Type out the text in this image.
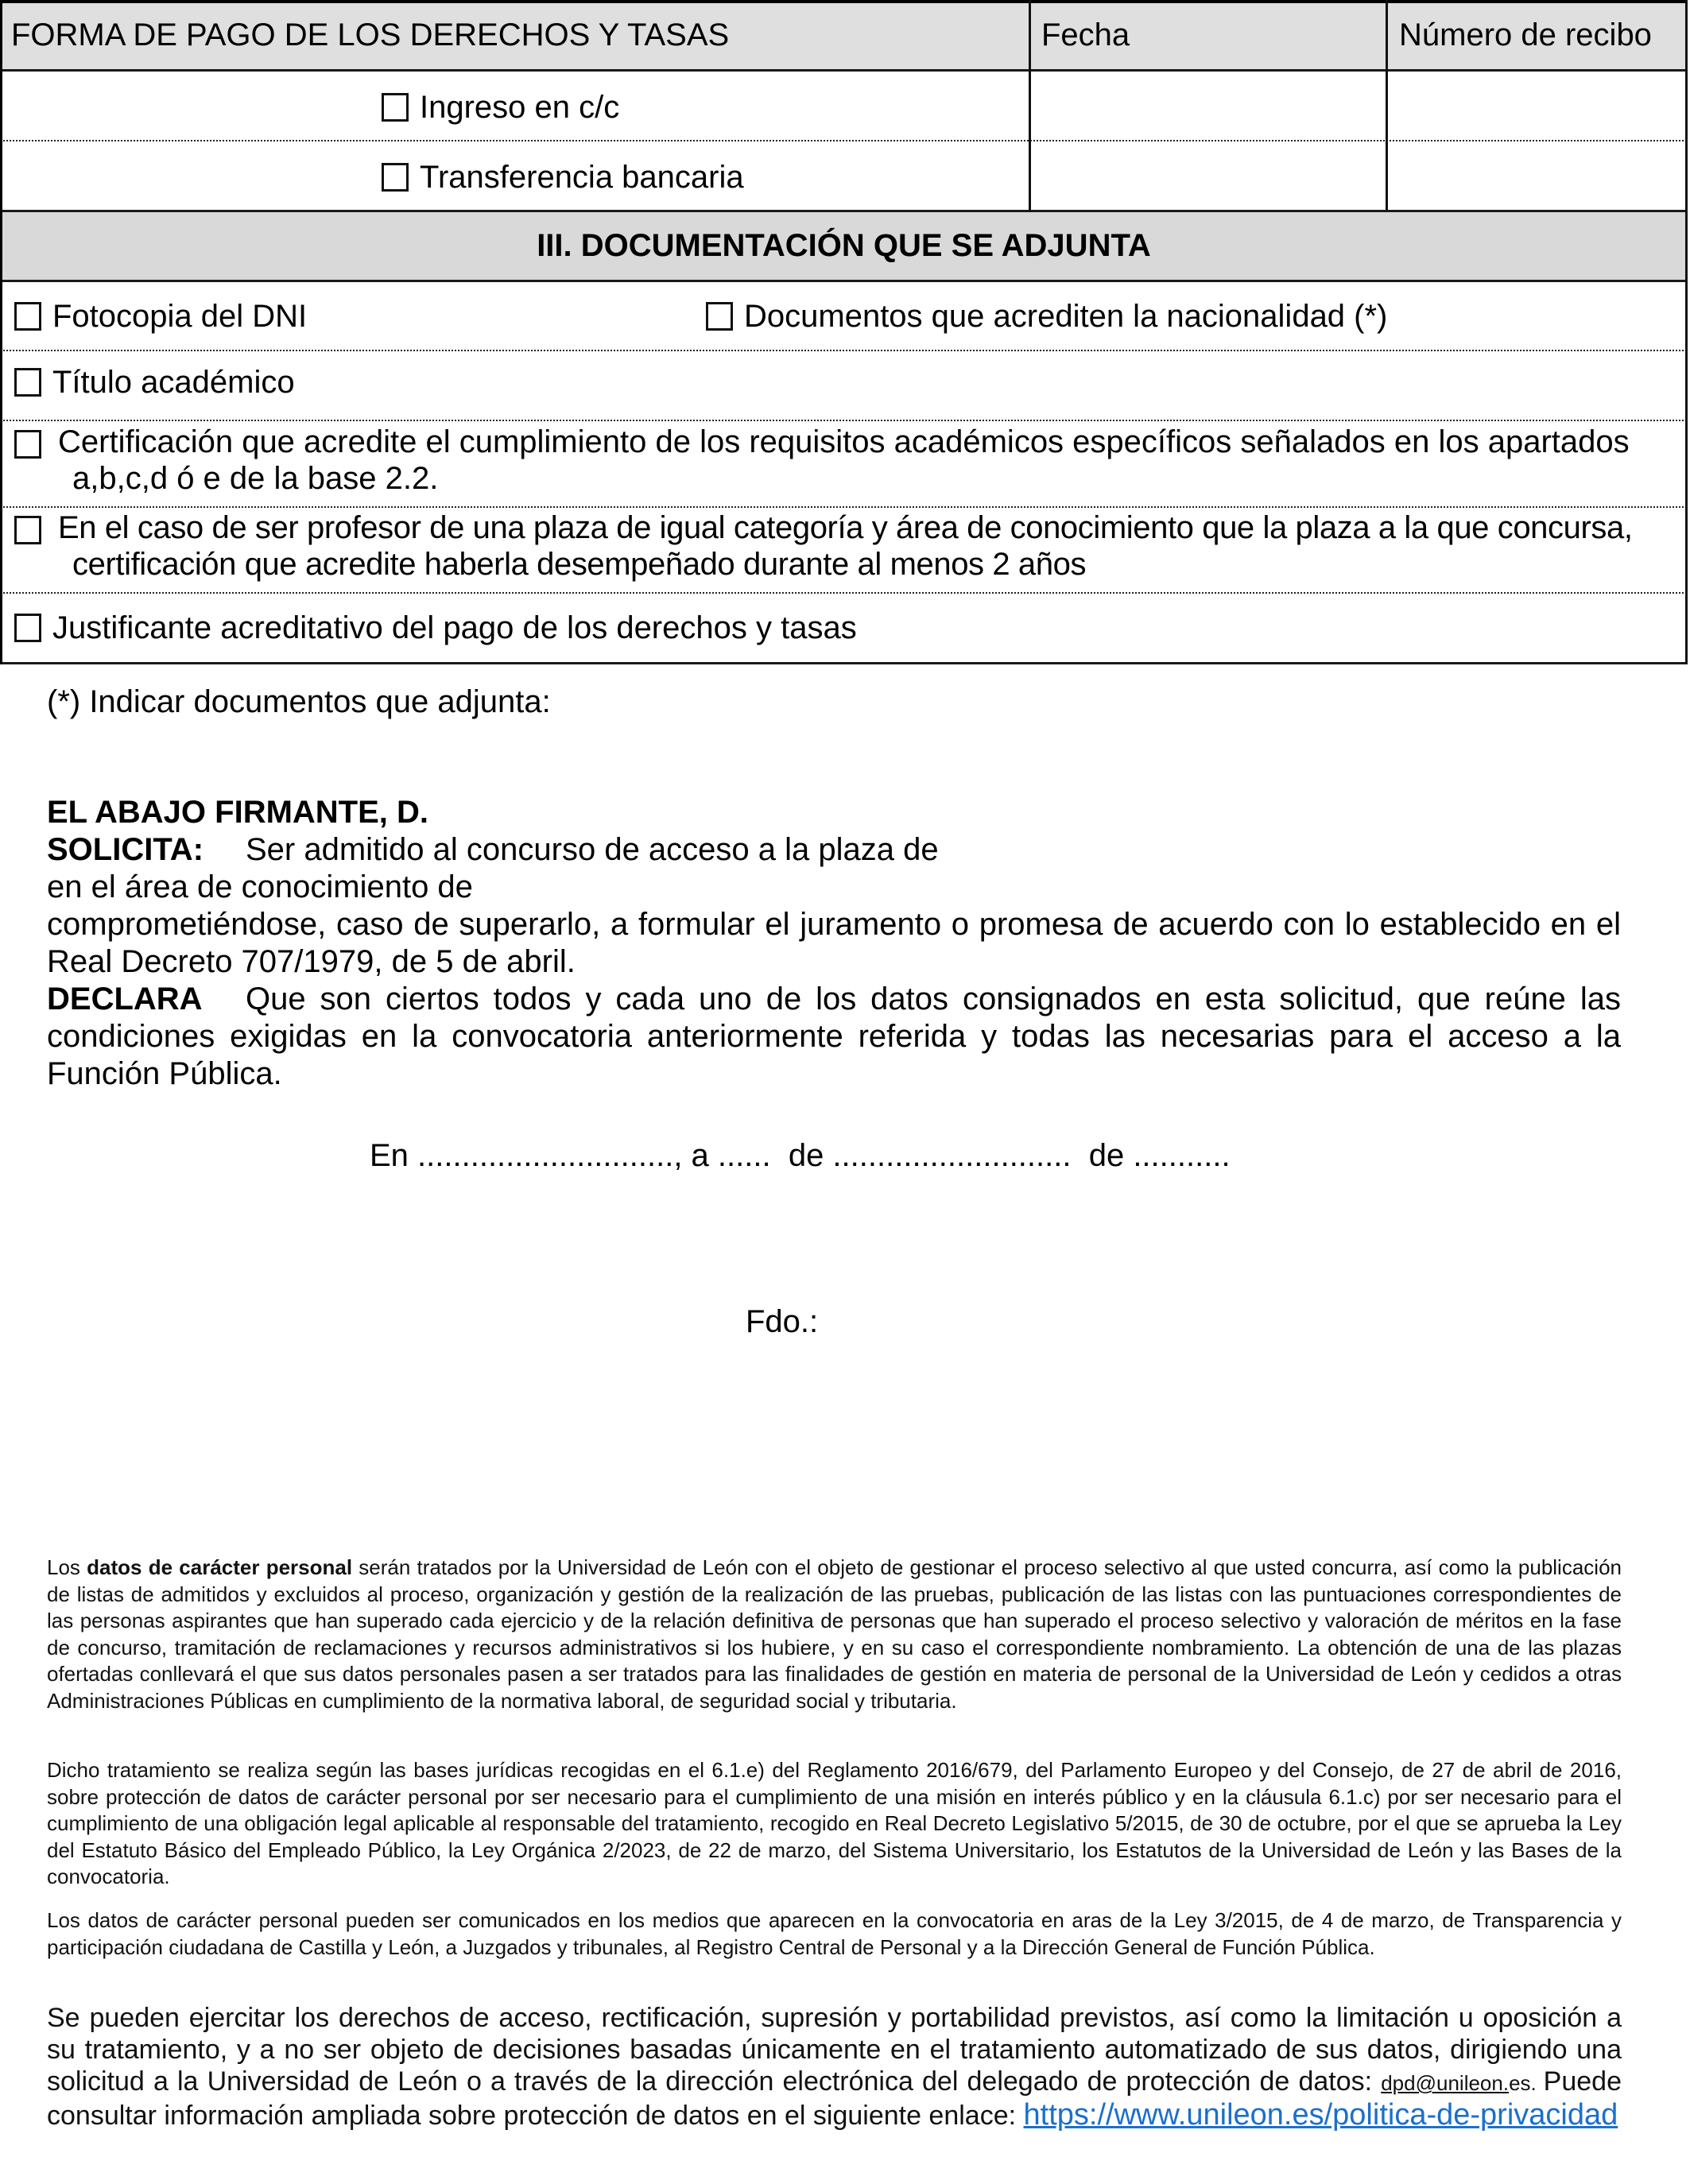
FORMA DE PAGO DE LOS DERECHOS Y TASAS	Fecha	Número de recibo
Ingreso en c/c
Transferencia bancaria
III. DOCUMENTACIÓN QUE SE ADJUNTA
Fotocopia del DNI	Documentos que acrediten la nacionalidad (*)
Título académico
Certificación que acredite el cumplimiento de los requisitos académicos específicos señalados en los apartados
a,b,c,d ó e de la base 2.2.
En el caso de ser profesor de una plaza de igual categoría y área de conocimiento que la plaza a la que concursa,
certificación que acredite haberla desempeñado durante al menos 2 años
Justificante acreditativo del pago de los derechos y tasas
(*) Indicar documentos que adjunta:
EL ABAJO FIRMANTE, D.
SOLICITA: Ser admitido al concurso de acceso a la plaza de
en el área de conocimiento de
comprometiéndose, caso de superarlo, a formular el juramento o promesa de acuerdo con lo establecido en el Real Decreto 707/1979, de 5 de abril.
DECLARA Que son ciertos todos y cada uno de los datos consignados en esta solicitud, que reúne las condiciones exigidas en la convocatoria anteriormente referida y todas las necesarias para el acceso a la Función Pública.
En ............................., a ......  de ...........................  de ...........
Fdo.:
Los datos de carácter personal serán tratados por la Universidad de León con el objeto de gestionar el proceso selectivo al que usted concurra, así como la publicación de listas de admitidos y excluidos al proceso, organización y gestión de la realización de las pruebas, publicación de las listas con las puntuaciones correspondientes de las personas aspirantes que han superado cada ejercicio y de la relación definitiva de personas que han superado el proceso selectivo y valoración de méritos en la fase de concurso, tramitación de reclamaciones y recursos administrativos si los hubiere, y en su caso el correspondiente nombramiento. La obtención de una de las plazas ofertadas conllevará el que sus datos personales pasen a ser tratados para las finalidades de gestión en materia de personal de la Universidad de León y cedidos a otras Administraciones Públicas en cumplimiento de la normativa laboral, de seguridad social y tributaria.
Dicho tratamiento se realiza según las bases jurídicas recogidas en el 6.1.e) del Reglamento 2016/679, del Parlamento Europeo y del Consejo, de 27 de abril de 2016, sobre protección de datos de carácter personal por ser necesario para el cumplimiento de una misión en interés público y en la cláusula 6.1.c) por ser necesario para el cumplimiento de una obligación legal aplicable al responsable del tratamiento, recogido en Real Decreto Legislativo 5/2015, de 30 de octubre, por el que se aprueba la Ley del Estatuto Básico del Empleado Público, la Ley Orgánica 2/2023, de 22 de marzo, del Sistema Universitario, los Estatutos de la Universidad de León y las Bases de la convocatoria.
Los datos de carácter personal pueden ser comunicados en los medios que aparecen en la convocatoria en aras de la Ley 3/2015, de 4 de marzo, de Transparencia y participación ciudadana de Castilla y León, a Juzgados y tribunales, al Registro Central de Personal y a la Dirección General de Función Pública.
Se pueden ejercitar los derechos de acceso, rectificación, supresión y portabilidad previstos, así como la limitación u oposición a su tratamiento, y a no ser objeto de decisiones basadas únicamente en el tratamiento automatizado de sus datos, dirigiendo una solicitud a la Universidad de León o a través de la dirección electrónica del delegado de protección de datos: dpd@unileon.es. Puede consultar información ampliada sobre protección de datos en el siguiente enlace: https://www.unileon.es/politica-de-privacidad
